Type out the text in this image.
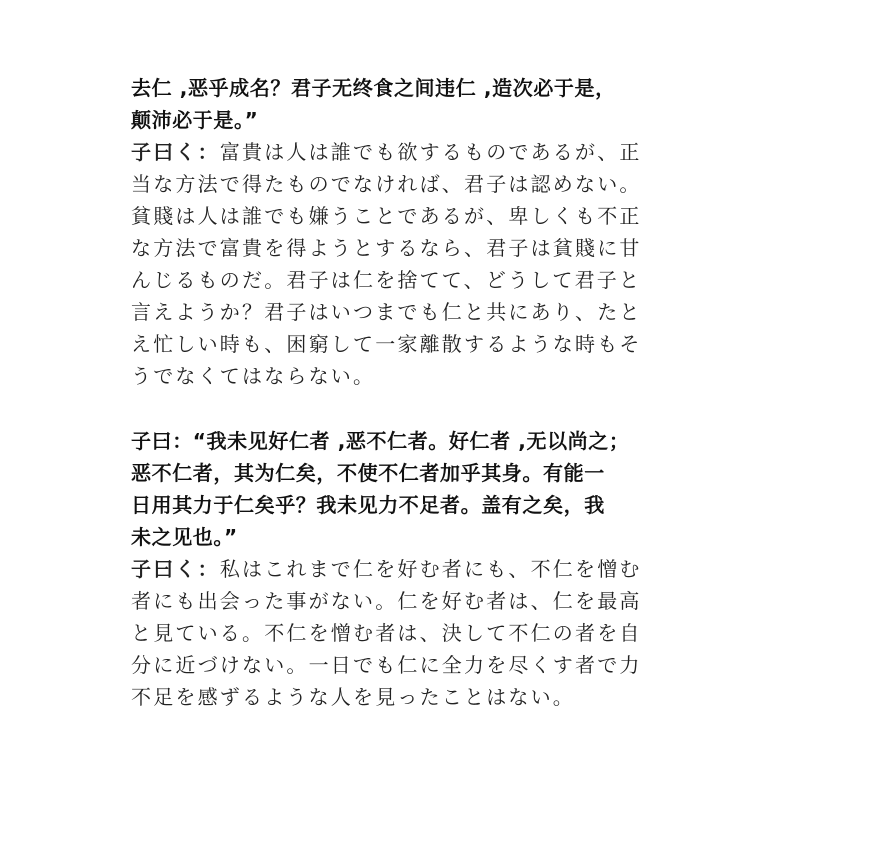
去仁 ,恶乎成名？君子无终食之间违仁 ,造次必于是，
颠沛必于是。”
子曰く：富貴は人は誰でも欲するものであるが、正
当な方法で得たものでなければ、君子は認めない。
貧賤は人は誰でも嫌うことであるが、卑しくも不正
な方法で富貴を得ようとするなら、君子は貧賤に甘
んじるものだ。君子は仁を捨てて、どうして君子と
言えようか？君子はいつまでも仁と共にあり、たと
え忙しい時も、困窮して一家離散するような時もそ
うでなくてはならない。
子曰：“我未见好仁者 ,恶不仁者。好仁者 ,无以尚之；
恶不仁者，其为仁矣，不使不仁者加乎其身。有能一
日用其力于仁矣乎？我未见力不足者。盖有之矣，我
未之见也。”
子曰く：私はこれまで仁を好む者にも、不仁を憎む
者にも出会った事がない。仁を好む者は、仁を最高
と見ている。不仁を憎む者は、決して不仁の者を自
分に近づけない。一日でも仁に全力を尽くす者で力
不足を感ずるような人を見ったことはない。
